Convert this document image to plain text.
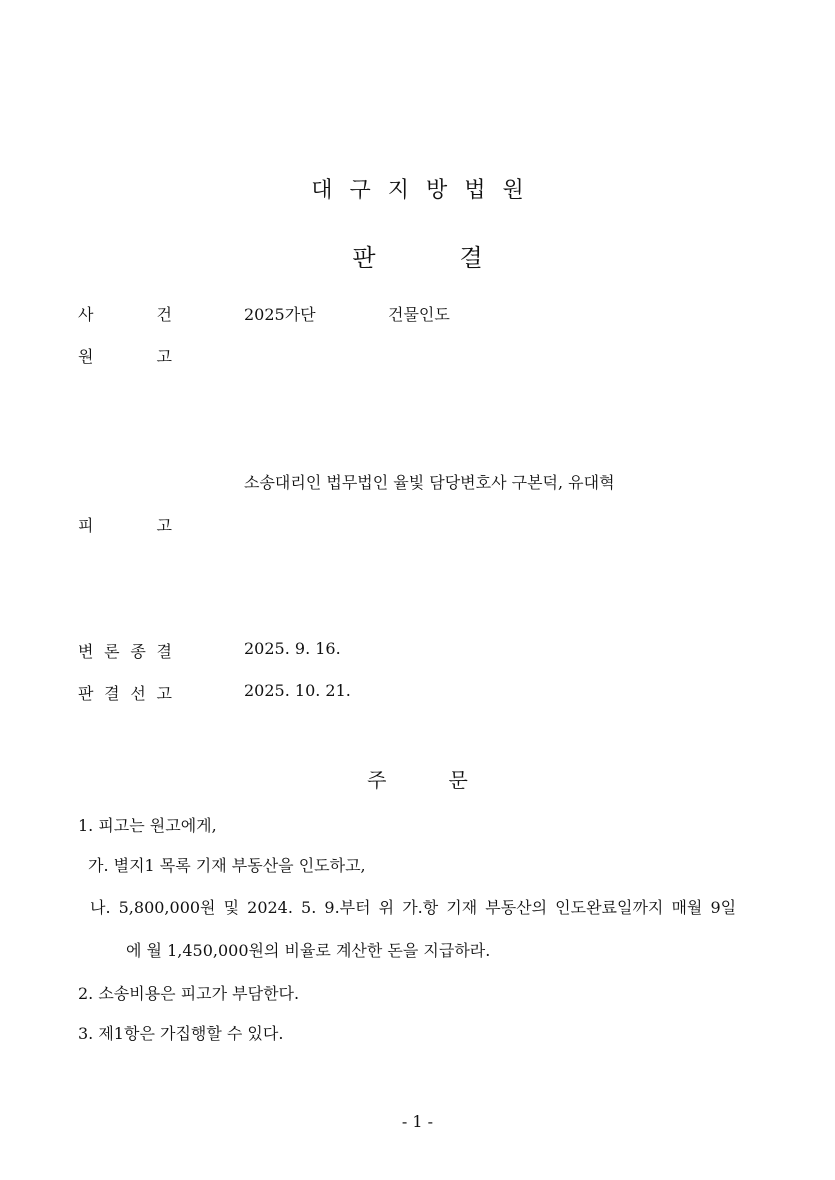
대구지방법원
판결
사	건	2025가단	건물인도
원	고
소송대리인 법무법인 율빛 담당변호사 구본덕, 유대혁
피	고
변 론 종 결	2025. 9. 16.
판 결 선 고	2025. 10. 21.
주문
1. 피고는 원고에게,
가. 별지1 목록 기재 부동산을 인도하고,
나. 5,800,000원 및 2024. 5. 9.부터 위 가.항 기재 부동산의 인도완료일까지 매월 9일
에 월 1,450,000원의 비율로 계산한 돈을 지급하라.
2. 소송비용은 피고가 부담한다.
3. 제1항은 가집행할 수 있다.
- 1 -
